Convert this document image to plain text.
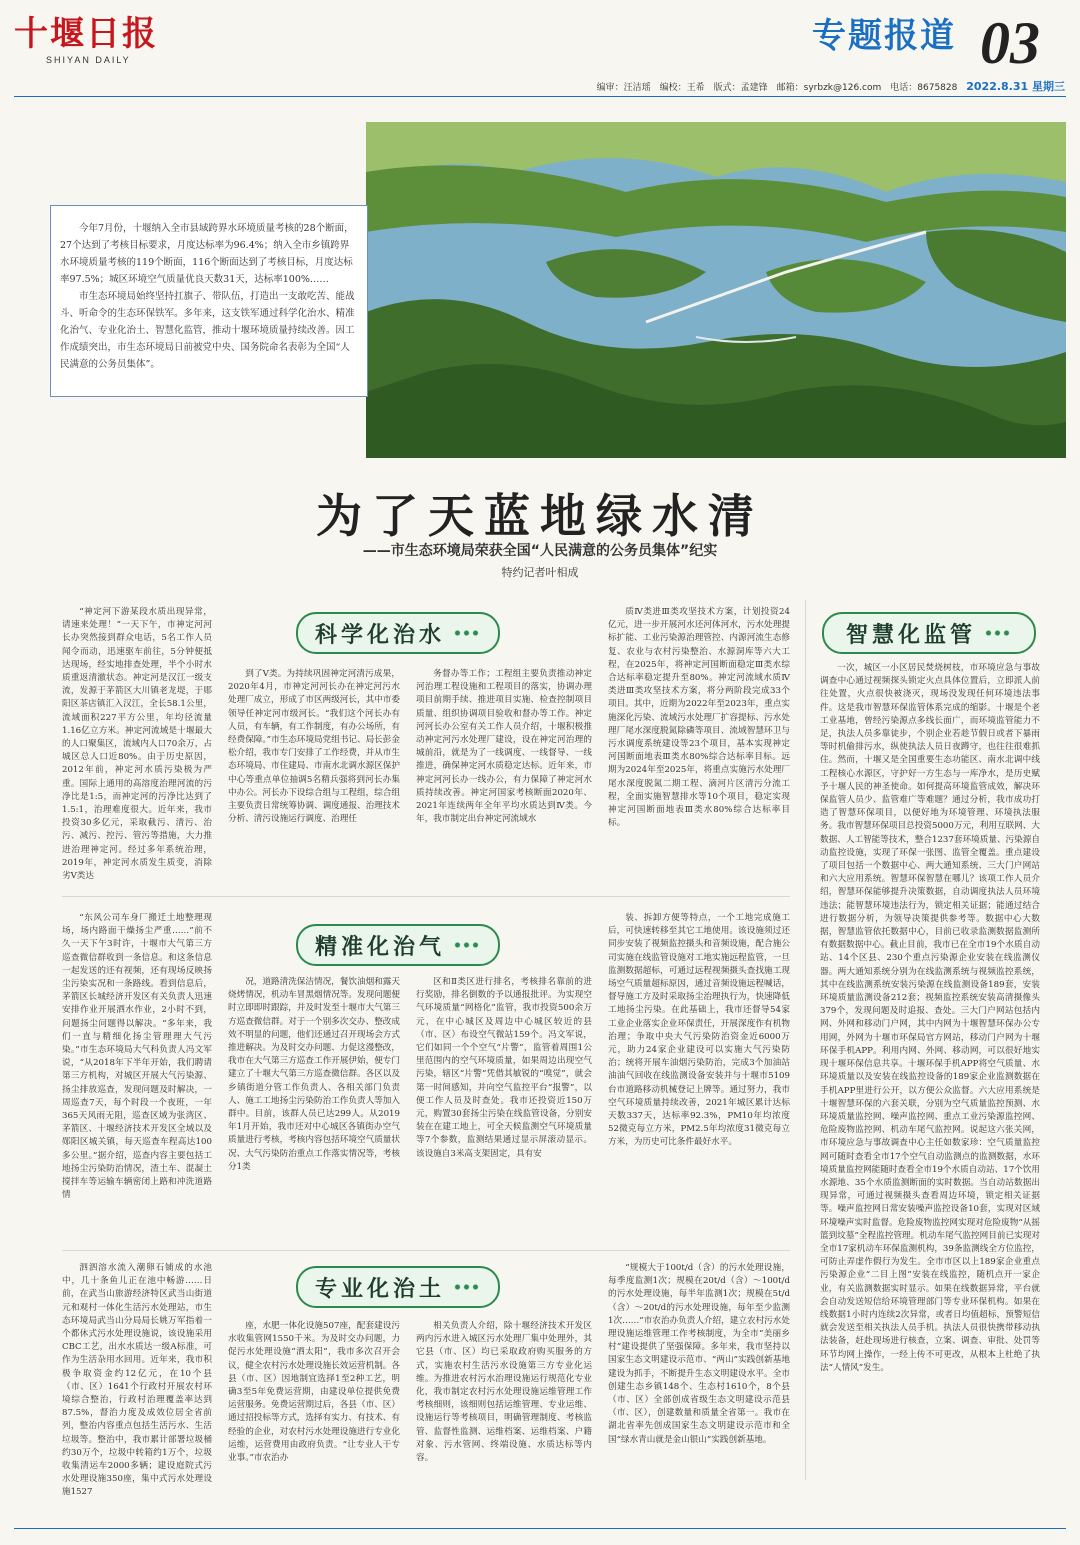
十堰日报
SHIYAN DAILY
专题报道 03
编审：汪洁瑶　编校：王希　版式：孟建锋　邮箱：syrbzk@126.com　电话：8675828 2022.8.31 星期三

今年7月份，十堰纳入全市县域跨界水环境质量考核的28个断面，27个达到了考核目标要求，月度达标率为96.4%；纳入全市乡镇跨界水环境质量考核的119个断面，116个断面达到了考核目标，月度达标率97.5%；城区环境空气质量优良天数31天，达标率100%……

市生态环境局始终坚持扛旗子、带队伍，打造出一支敢吃苦、能战斗、听命令的生态环保铁军。多年来，这支铁军通过科学化治水、精准化治气、专业化治土、智慧化监管，推动十堰环境质量持续改善。因工作成绩突出，市生态环境局日前被党中央、国务院命名表彰为全国“人民满意的公务员集体”。

为了天蓝地绿水清
——市生态环境局荣获全国“人民满意的公务员集体”纪实
特约记者叶相成
科学化治水

“神定河下游某段水质出现异常，请速来处理！”一天下午，市神定河河长办突然接到群众电话，5名工作人员闻令而动，迅速驱车前往，5分钟便抵达现场，经实地排查处理，半个小时水质重返清澈状态。神定河是汉江一级支流，发源于茅箭区大川镇老龙堤，于郧阳区茶店镇汇入汉江，全长58.1公里，流域面积227平方公里，年均径流量1.16亿立方米。神定河流域是十堰最大的人口聚集区，流域内人口70余万，占城区总人口近80%。由于历史原因，2012年前，神定河水质污染极为严重。国际上通用的高溶度治理河流的污净比是1:5，而神定河的污净比达到了1.5:1，治理难度很大。近年来，我市投资30多亿元，采取截污、清污、治污、减污、控污、管污等措施，大力推进治理神定河。经过多年系统治理，2019年，神定河水质发生质变，消除劣Ⅴ类达

到了Ⅴ类。为持续巩固神定河清污成果，2020年4月，市神定河河长办在神定河污水处理厂成立，形成了市区两级河长，其中市委领导任神定河市级河长。“我们这个河长办有人员，有车辆，有工作制度，有办公场所，有经费保障。”市生态环境局党组书记、局长彭金松介绍，我市专门安排了工作经费，并从市生态环境局、市住建局、市南水北调水源区保护中心等重点单位抽调5名精兵强将到河长办集中办公。河长办下设综合组与工程组，综合组主要负责日常统筹协调、调度通报、治理技术分析、清污设施运行调度、治理任

务督办等工作；工程组主要负责推动神定河治理工程设施和工程项目的落实，协调办理项目前期手续、推进项目实施、检查控制项目质量、组织协调项目验收和督办等工作。神定河河长办公室有关工作人员介绍，十堰积极推动神定河污水处理厂建设，设在神定河治理的城前沿，就是为了一线调度、一线督导、一线推进，确保神定河水质稳定达标。近年来，市神定河河长办一线办公，有力保障了神定河水质持续改善。神定河国家考核断面2020年、2021年连续两年全年平均水质达到Ⅳ类。今年，我市制定出台神定河流域水

质Ⅳ类进Ⅲ类攻坚技术方案，计划投资24亿元，进一步开展河水还河体河水，污水处理提标扩能、工业污染源治理管控、内源河流生态修复、农业与农村污染整治、水源洞库等六大工程，在2025年，将神定河国断面稳定Ⅲ类水综合达标率稳定提升至80%。神定河流域水质Ⅳ类进Ⅲ类攻坚技术方案，将分两阶段完成33个项目。其中，近期为2022年至2023年，重点实施深化污染、流域污水处理厂扩容提标、污水处理厂尾水深度脱氮除磷等项目、流域智慧环卫与污水调度系统建设等23个项目，基本实现神定河国断面地表Ⅲ类水80%综合达标率目标。远期为2024年至2025年，将重点实施污水处理厂尾水深度脱氮二期工程、滴河片区清污分流工程，全面实施智慧排水等10个项目，稳定实现神定河国断面地表Ⅲ类水80%综合达标率目标。

精准化治气

“东风公司车身厂搬迁土地整理现场，场内路面干燥扬尘严重……”前不久一天下午3时许，十堰市大气第三方巡查微信群收到一条信息。和这条信息一起发送的还有视频，还有现场反映扬尘污染实况和一条路线。看到信息后，茅箭区长城经济开发区有关负责人迅速安排作业开展洒水作业，2小时不到，问题扬尘问题得以解决。“多年来，我们一直与精细化扬尘管理理大气污染。”市生态环境局大气科负责人冯文军说，“从2018年下半年开始，我们聘请第三方机构，对城区开展大气污染源、扬尘排放巡查，发现问题及时解决，一周巡查7天，每个时段一个夜班，一年365天风雨无阻，巡查区域为张湾区、茅箭区、十堰经济技术开发区全域以及郧阳区城关镇，每天巡查车程高达100多公里。”据介绍，巡查内容主要包括工地扬尘污染防治情况，渣土车、混凝土搅拌车等运输车辆密闭上路和冲洗道路情

况，道路清洗保洁情况，餐饮油烟和露天烧烤情况，机动车冒黑烟情况等。发现问题便时立即即时跟踪，并及时发至十堰市大气第三方巡查微信群。对于一个别多次交办、整改成效不明显的问题，他们还通过召开现场会方式推进解决。为及时交办问题、力促这漫整改，我市在大气第三方巡查工作开展伊始，便专门建立了十堰大气第三方巡查微信群。各区以及乡镇街道分管工作负责人、各相关部门负责人、施工工地扬尘污染防治工作负责人等加入群中。目前，该群人员已达299人。从2019年1月开始，我市还对中心城区各镇街办空气质量进行考核，考核内容包括环境空气质量状况、大气污染防治重点工作落实情况等，考核分1类

区和Ⅱ类区进行排名，考核排名靠前的进行奖励，排名倒数的予以通报批评。为实现空气环境质量“网格化”监管，我市投资500余万元，在中心城区及周边中心城区较近的县（市、区）布设空气微站159个。冯文军说，它们如同一个个空气“片警”，监管着周围1公里范围内的空气环境质量，如果周边出现空气污染，辖区“片警”凭借其敏锐的“嗅觉”，就会第一时间感知，并向空气监控平台“报警”，以便工作人员及时查处。我市还投资近150万元，购置30套扬尘污染在线监管设备，分别安装在在建工地上，可全天候监测空气环境质量等7个参数，监测结果通过显示屏滚动显示。该设施自3米高支架固定，具有安

装、拆卸方便等特点，一个工地完成施工后，可快速转移至其它工地使用。该设施须过还同步安装了视频监控摄头和音频设施，配合施公司实施在线监管设施对工地实施远程监管，一旦监测数据超标，可通过远程视频摄头查找施工现场空气质量超标原因，通过音频设施远程喊话，督导施工方及时采取扬尘治理执行为，快速降低工地扬尘污染。在此基础上，我市还督导54家工业企业落实企业环保责任，开展深度作有机物治理；争取中央大气污染防治资金近6000万元，助力24家企业建设可以实施大气污染防治；统将开展车油烟污染防治，完成3个加油站油油气回收在线监测设备安装并与十堰市5109台市道路移动机械登记上牌等。通过努力，我市空气环境质量持续改善，2021年城区累计达标天数337天，达标率92.3%，PM10年均浓度52微克每立方米，PM2.5年均浓度31微克每立方米，为历史可比条件最好水平。

专业化治土

泗泗溶水流入潮卵石铺成的水池中，几十条鱼儿正在池中畅游……日前，在武当山旅游经济特区武当山街道元和观村一体化生活污水处理站，市生态环境局武当山分局局长姚万军指着一个都休式污水处理设施说，该设施采用CBC工艺，出水水质达一级A标准，可作为生活杂用水回用。近年来，我市积极争取资金约12亿元，在10个县（市、区）1641个行政村开展农村环境综合整治，行政村治理覆盖率达到87.5%，督治力度及成效位居全省前列，整治内容重点包括生活污水、生活垃圾等。整治中，我市累计部署垃圾桶约30万个，垃圾中转箱约1万个，垃圾收集清运车2000多辆；建设庭院式污水处理设施350座，集中式污水处理设施1527

座，水肥一体化设施507座，配套建设污水收集管网1550千米。为及时交办问题，力促污水处理设施“洒太阳”，我市多次召开会议，健全农村污水处理设施长效运营机制。各县（市、区）因地制宜选择1至2种工艺，明确3至5年免费运营期，由建设单位提供免费运营服务。免费运营期过后，各县（市、区）通过招投标等方式，选择有实力、有技术、有经验的企业，对农村污水处理设施进行专业化运维，运营费用由政府负责。“让专业人干专业事。”市农治办

相关负责人介绍，除十堰经济技术开发区两内污水进入城区污水处理厂集中处理外，其它县（市、区）均已采取政府购买服务的方式，实施农村生活污水设施第三方专业化运维。为推进农村污水治理设施运行规范化专业化，我市制定农村污水处理设施运维管理工作考核细则，该细则包括运维管理、专业运维、设施运行等考核项目，明确管理制度、考核监管、监督性监测、运维档案、运维档案、户籍对象、污水管网、终端设施、水质达标等内容。

“规模大于100t/d（含）的污水处理设施，每季度监测1次；规模在20t/d（含）～100t/d的污水处理设施，每半年监测1次；规模在5t/d（含）～20t/d的污水处理设施，每年至少监测1次……”市农治办负责人介绍，建立农村污水处理设施运维管理工作考核制度，为全市“美丽乡村”建设提供了坚强保障。多年来，我市坚持以国家生态文明建设示范市、“两山”实践创新基地建设为抓手，不断提升生态文明建设水平。全市创建生态乡镇148个、生态村1610个，8个县（市、区）全部创成省级生态文明建设示范县（市、区），创建数量和质量全省第一。我市在湖北省率先创成国家生态文明建设示范市和全国“绿水青山就是金山银山”实践创新基地。

智慧化监管

一次，城区一小区居民焚烧树枝，市环境应急与事故调查中心通过视频探头锁定火点具体位置后，立即派人前往处置，火点很快被浇灭，现场没发现任何环境违法事件。这是我市智慧环保监管体系完成的缩影。十堰是个老工业基地，曾经污染源点多线长面广，而环境监管能力不足，执法人员多靠徒步，个别企业若趁节假日或者下暴雨等时机偷排污水，纵使执法人员日夜蹲守，也往往很难抓住。然而，十堰又是全国重要生态功能区、南水北调中线工程核心水源区，守护好一方生态与一库净水，是历史赋予十堰人民的神圣使命。如何提高环境监管成效，解决环保监管人员少、监管难广等难题？通过分析，我市成功打造了智慧环保项目，以便好地为环境管理、环境执法服务。我市智慧环保项目总投资5000万元，利用互联网、大数据、人工智能等技术，整合1237套环境质量、污染源自动监控设施，实现了环保一张图、监管全覆盖。重点建设了项目包括一个数据中心、两大通知系统、三大门户网站和六大应用系统。智慧环保智慧在哪儿？该项工作人员介绍，智慧环保能够提升决策数据，自动调度执法人员环境违法；能智慧环境违法行为，锁定相关证据；能通过结合进行数据分析，为领导决策提供参考等。数据中心大数据，智慧监管依托数据中心，目前已收录监测数据监测所有数据数据中心。截止目前，我市已在全市19个水质自动站、14个区县、230个重点污染源企业安装在线监测仪器。两大通知系统分别为在线监测系统与视频监控系统，其中在线监测系统安装污染源在线监测设备189套，安装环境质量监测设备212套；视频监控系统安装高清摄像头379个，发现问题及时追报、查处。三大门户网站包括内网、外网和移动门户网，其中内网为十堰智慧环保办公专用网，外网为十堰市环保局官方网站，移动门户网为十堰环保手机APP。利用内网、外网、移动网，可以很好地实现十堰环保信息共享。十堰环保手机APP将空气质量、水环境质量以及安装在线监控设备的189家企业监测数据在手机APP里进行公开，以方便公众监督。六大应用系统是十堰智慧环保的六套关联，分别为空气质量监控预测、水环境质量监控网、噪声监控网、重点工业污染源监控网、危险废物监控网、机动车尾气监控网。说起这六张关网，市环境应急与事故调查中心主任如数家珍：空气质量监控网可随时查看全市17个空气自动监测点的监测数据，水环境质量监控网能随时查看全市19个水质自动站、17个饮用水源地、35个水质监测断面的实时数据。当自动站数据出现异常，可通过视频摄头查看周边环境，锁定相关证据等。噪声监控网日常安装噪声监控设备10套，实现对区域环境噪声实时监督。危险废物监控网实现对危险废物“从摇篮到坟墓”全程监控管理。机动车尾气监控网目前已实现对全市17家机动车环保监测机构，39条监测线全方位监控，可防止弄虚作假行为发生。全市市区以上189家企业重点污染源企业“二目上图”安装在线监控，随机点开一家企业，有关监测数据实时显示。如果在线数据异常，平台就会自动发送短信给环境管理部门等专业环保机构。如果在线数据1小时内连续2次异常，或者日均值超标，预警短信就会发送至相关执法人员手机。执法人员很快携带移动执法装备，赶赴现场进行核查，立案、调查、审批、处罚等环节均网上操作，一经上传不可更改，从根本上杜绝了执法“人情风”发生。
